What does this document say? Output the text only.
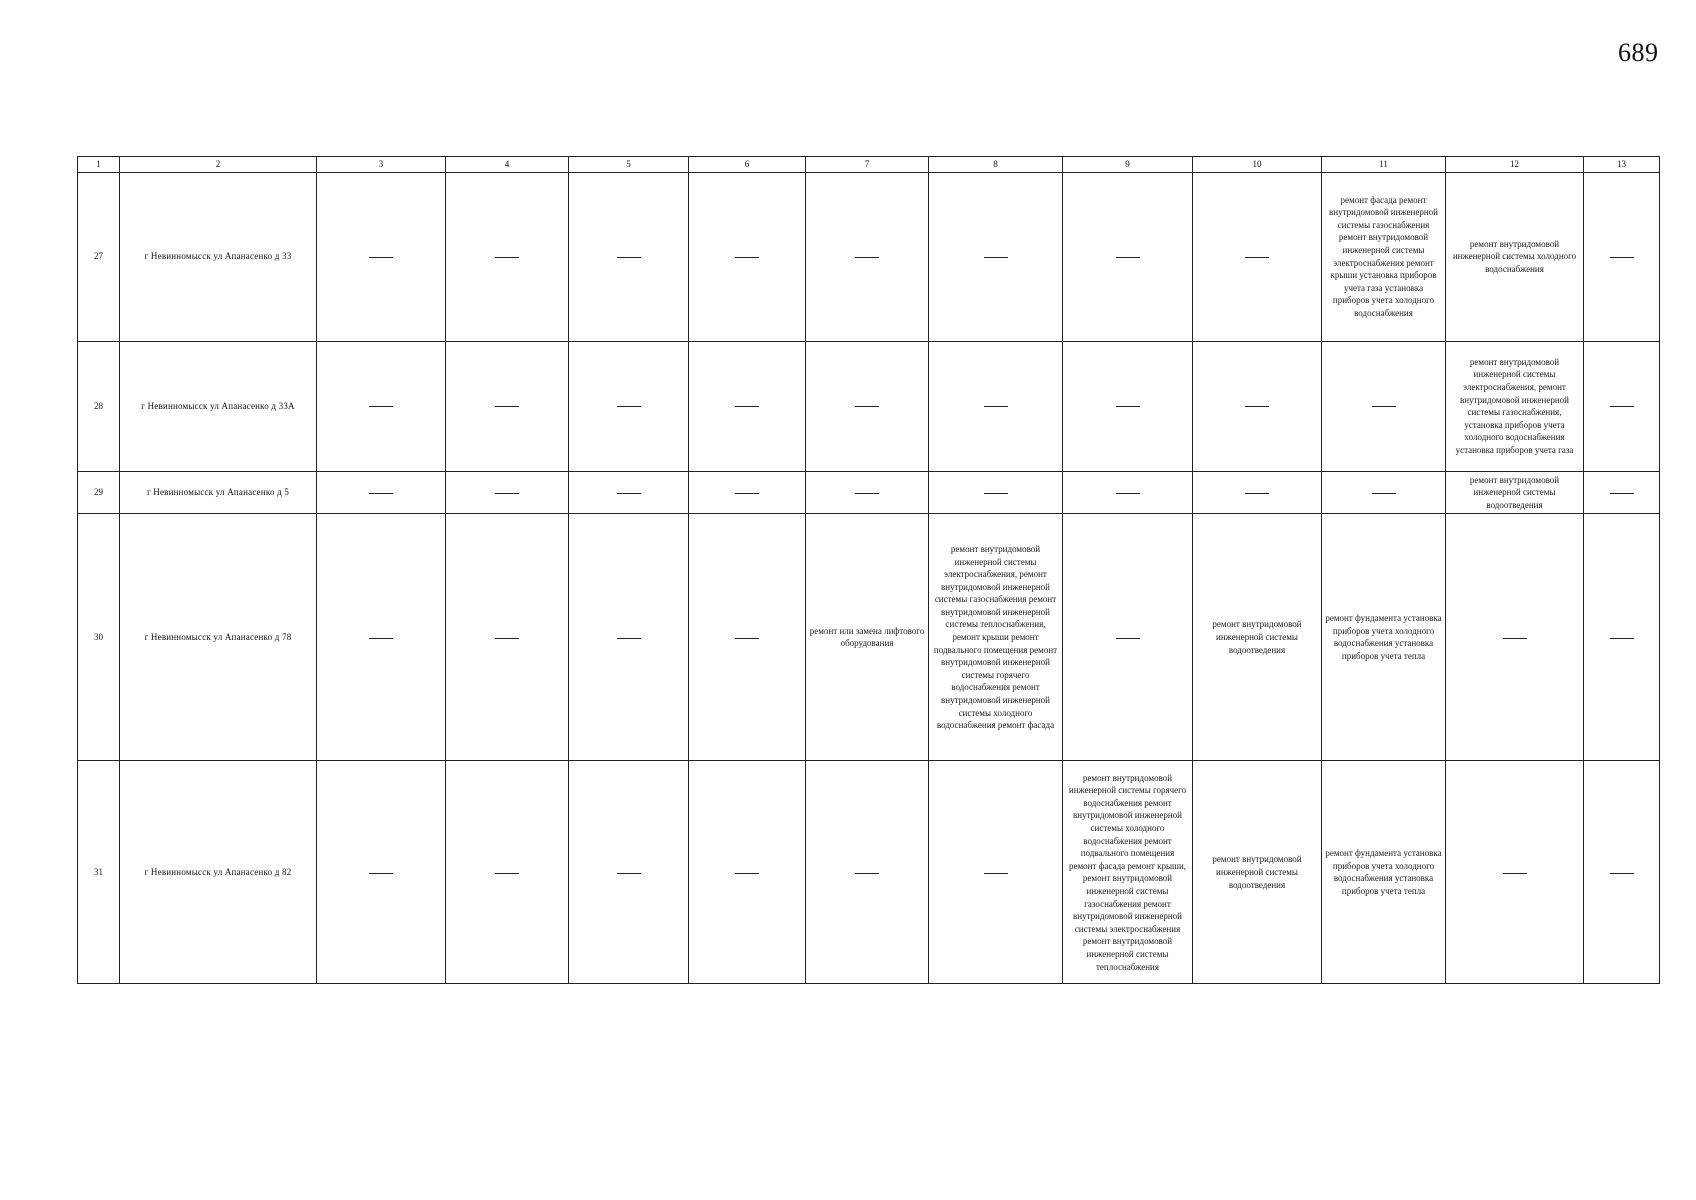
689
1	2	3	4	5	6	7	8	9	10	11	12	13
27	г Невинномысск ул Апанасенко д 33									ремонт фасада ремонт внутридомовой инженерной системы газоснабжения ремонт внутридомовой инженерной системы электроснабжения ремонт крыши установка приборов учета газа установка приборов учета холодного водоснабжения	ремонт внутридомовой инженерной системы холодного водоснабжения	
28	г Невинномысск ул Апанасенко д 33А										ремонт внутридомовой инженерной системы электроснабжения, ремонт внутридомовой инженерной системы газоснабжения, установка приборов учета холодного водоснабжения установка приборов учета газа	
29	г Невинномысск ул Апанасенко д 5										ремонт внутридомовой инженерной системы водоотведения	
30	г Невинномысск ул Апанасенко д 78					ремонт или замена лифтового оборудования	ремонт внутридомовой инженерной системы электроснабжения, ремонт внутридомовой инженерной системы газоснабжения ремонт внутридомовой инженерной системы теплоснабжения, ремонт крыши ремонт подвального помещения ремонт внутридомовой инженерной системы горячего водоснабжения ремонт внутридомовой инженерной системы холодного водоснабжения ремонт фасада		ремонт внутридомовой инженерной системы водоотведения	ремонт фундамента установка приборов учета холодного водоснабжения установка приборов учета тепла		
31	г Невинномысск ул Апанасенко д 82							ремонт внутридомовой инженерной системы горячего водоснабжения ремонт внутридомовой инженерной системы холодного водоснабжения ремонт подвального помещения ремонт фасада ремонт крыши, ремонт внутридомовой инженерной системы газоснабжения ремонт внутридомовой инженерной системы электроснабжения ремонт внутридомовой инженерной системы теплоснабжения	ремонт внутридомовой инженерной системы водоотведения	ремонт фундамента установка приборов учета холодного водоснабжения установка приборов учета тепла		
